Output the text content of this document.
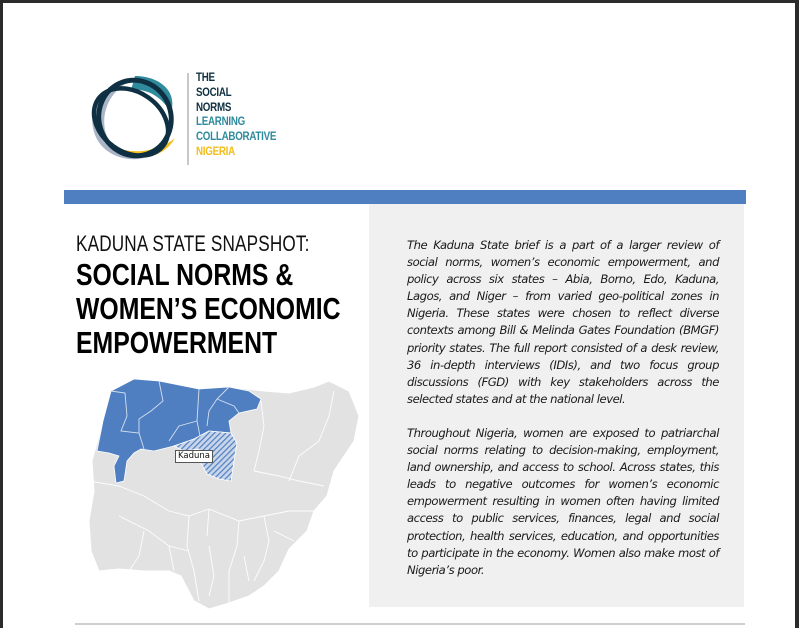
THE
SOCIAL
NORMS
LEARNING
COLLABORATIVE
NIGERIA
KADUNA STATE SNAPSHOT:
SOCIAL NORMS &
WOMEN’S ECONOMIC
EMPOWERMENT

The Kaduna State brief is a part of a larger review of social norms, women’s economic empowerment, and policy across six states – Abia, Borno, Edo, Kaduna, Lagos, and Niger – from varied geo-political zones in Nigeria. These states were chosen to reflect diverse contexts among Bill & Melinda Gates Foundation (BMGF) priority states. The full report consisted of a desk review, 36 in-depth interviews (IDIs), and two focus group discussions (FGD) with key stakeholders across the selected states and at the national level.

Throughout Nigeria, women are exposed to patriarchal social norms relating to decision-making, employment, land ownership, and access to school. Across states, this leads to negative outcomes for women’s economic empowerment resulting in women often having limited access to public services, finances, legal and social protection, health services, education, and opportunities to participate in the economy. Women also make most of Nigeria’s poor.

Kaduna
